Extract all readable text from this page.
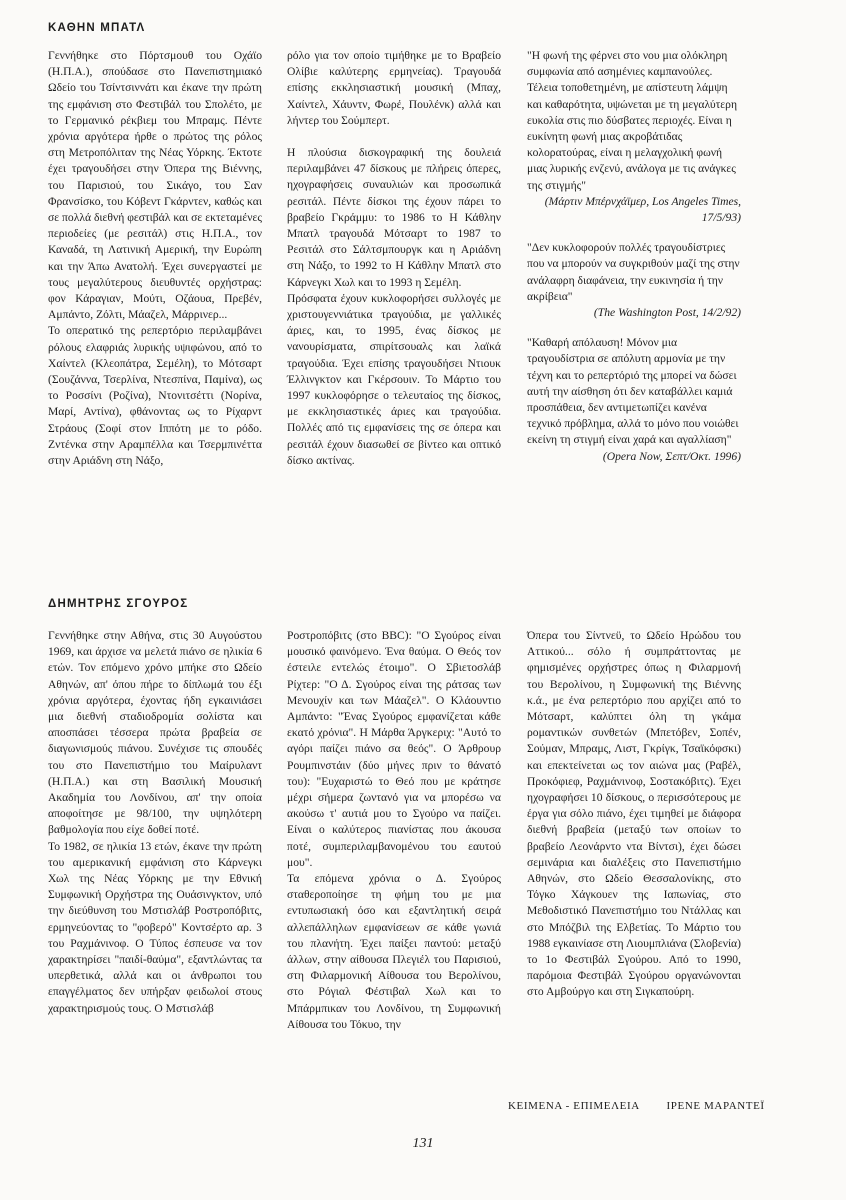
ΚΑΘΗΝ ΜΠΑΤΛ

Γεννήθηκε στο Πόρτσμουθ του Οχάϊο (Η.Π.Α.), σπούδασε στο Πανεπιστημιακό Ωδείο του Τσίντσιννάτι και έκανε την πρώτη της εμφάνιση στο Φεστιβάλ του Σπολέτο, με το Γερμανικό ρέκβιεμ του Μπραμς. Πέντε χρόνια αργότερα ήρθε ο πρώτος της ρόλος στη Μετροπόλιταν της Νέας Υόρκης. Έκτοτε έχει τραγουδήσει στην Όπερα της Βιέννης, του Παρισιού, του Σικάγο, του Σαν Φρανσίσκο, του Κόβεντ Γκάρντεν, καθώς και σε πολλά διεθνή φεστιβάλ και σε εκτεταμένες περιοδείες (με ρεσιτάλ) στις Η.Π.Α., τον Καναδά, τη Λατινική Αμερική, την Ευρώπη και την Άπω Ανατολή. Έχει συνεργαστεί με τους μεγαλύτερους διευθυντές ορχήστρας: φον Κάραγιαν, Μούτι, Οζάουα, Πρεβέν, Αμπάντο, Ζόλτι, Μάαζελ, Μάρρινερ...

Το οπερατικό της ρεπερτόριο περιλαμβάνει ρόλους ελαφριάς λυρικής υψιφώνου, από το Χαίντελ (Κλεοπάτρα, Σεμέλη), το Μότσαρτ (Σουζάννα, Τσερλίνα, Ντεσπίνα, Παμίνα), ως το Ροσσίνι (Ροζίνα), Ντονιτσέττι (Νορίνα, Μαρί, Αντίνα), φθάνοντας ως το Ρίχαρντ Στράους (Σοφί στον Ιππότη με το ρόδο. Ζντένκα στην Αραμπέλλα και Τσερμπινέττα στην Αριάδνη στη Νάξο,

ρόλο για τον οποίο τιμήθηκε με το Βραβείο Ολίβιε καλύτερης ερμηνείας). Τραγουδά επίσης εκκλησιαστική μουσική (Μπαχ, Χαίντελ, Χάυντν, Φωρέ, Πουλένκ) αλλά και λήντερ του Σούμπερτ.

Η πλούσια δισκογραφική της δουλειά περιλαμβάνει 47 δίσκους με πλήρεις όπερες, ηχογραφήσεις συναυλιών και προσωπικά ρεσιτάλ. Πέντε δίσκοι της έχουν πάρει το βραβείο Γκράμμυ: το 1986 το Η Κάθλην Μπατλ τραγουδά Μότσαρτ το 1987 το Ρεσιτάλ στο Σάλτσμπουργκ και η Αριάδνη στη Νάξο, το 1992 το Η Κάθλην Μπατλ στο Κάρνεγκι Χωλ και το 1993 η Σεμέλη.

Πρόσφατα έχουν κυκλοφορήσει συλλογές με χριστουγεννιάτικα τραγούδια, με γαλλικές άριες, και, το 1995, ένας δίσκος με νανουρίσματα, σπιρίτσουαλς και λαϊκά τραγούδια. Έχει επίσης τραγουδήσει Ντιουκ Έλλινγκτον και Γκέρσουιν. Το Μάρτιο του 1997 κυκλοφόρησε ο τελευταίος της δίσκος, με εκκλησιαστικές άριες και τραγούδια. Πολλές από τις εμφανίσεις της σε όπερα και ρεσιτάλ έχουν διασωθεί σε βίντεο και οπτικό δίσκο ακτίνας.

"Η φωνή της φέρνει στο νου μια ολόκληρη συμφωνία από ασημένιες καμπανούλες. Τέλεια τοποθετημένη, με απίστευτη λάμψη και καθαρότητα, υψώνεται με τη μεγαλύτερη ευκολία στις πιο δύσβατες περιοχές. Είναι η ευκίνητη φωνή μιας ακροβάτιδας κολορατούρας, είναι η μελαγχολική φωνή μιας λυρικής ενζενύ, ανάλογα με τις ανάγκες της στιγμής"

(Μάρτιν Μπέρνχάϊμερ, Los Angeles Times, 17/5/93)

"Δεν κυκλοφορούν πολλές τραγουδίστριες που να μπορούν να συγκριθούν μαζί της στην ανάλαφρη διαφάνεια, την ευκινησία ή την ακρίβεια"

(The Washington Post, 14/2/92)

"Καθαρή απόλαυση! Μόνον μια τραγουδίστρια σε απόλυτη αρμονία με την τέχνη και το ρεπερτόριό της μπορεί να δώσει αυτή την αίσθηση ότι δεν καταβάλλει καμιά προσπάθεια, δεν αντιμετωπίζει κανένα τεχνικό πρόβλημα, αλλά το μόνο που νοιώθει εκείνη τη στιγμή είναι χαρά και αγαλλίαση"

(Opera Now, Σεπτ/Οκτ. 1996)

ΔΗΜΗΤΡΗΣ ΣΓΟΥΡΟΣ

Γεννήθηκε στην Αθήνα, στις 30 Αυγούστου 1969, και άρχισε να μελετά πιάνο σε ηλικία 6 ετών. Τον επόμενο χρόνο μπήκε στο Ωδείο Αθηνών, απ' όπου πήρε το δίπλωμά του έξι χρόνια αργότερα, έχοντας ήδη εγκαινιάσει μια διεθνή σταδιοδρομία σολίστα και αποσπάσει τέσσερα πρώτα βραβεία σε διαγωνισμούς πιάνου. Συνέχισε τις σπουδές του στο Πανεπιστήμιο του Μαίρυλαντ (Η.Π.Α.) και στη Βασιλική Μουσική Ακαδημία του Λονδίνου, απ' την οποία αποφοίτησε με 98/100, την υψηλότερη βαθμολογία που είχε δοθεί ποτέ.

Το 1982, σε ηλικία 13 ετών, έκανε την πρώτη του αμερικανική εμφάνιση στο Κάρνεγκι Χωλ της Νέας Υόρκης με την Εθνική Συμφωνική Ορχήστρα της Ουάσινγκτον, υπό την διεύθυνση του Μστισλάβ Ροστροπόβιτς, ερμηνεύοντας το "φοβερό" Κοντσέρτο αρ. 3 του Ραχμάνινοφ. Ο Τύπος έσπευσε να τον χαρακτηρίσει "παιδί-θαύμα", εξαντλώντας τα υπερθετικά, αλλά και οι άνθρωποι του επαγγέλματος δεν υπήρξαν φειδωλοί στους χαρακτηρισμούς τους. Ο Μστισλάβ

Ροστροπόβιτς (στο BBC): "Ο Σγούρος είναι μουσικό φαινόμενο. Ένα θαύμα. Ο Θεός τον έστειλε εντελώς έτοιμο". Ο Σβιετοσλάβ Ρίχτερ: "Ο Δ. Σγούρος είναι της ράτσας των Μενουχίν και των Μάαζελ". Ο Κλάουντιο Αμπάντο: "Ένας Σγούρος εμφανίζεται κάθε εκατό χρόνια". Η Μάρθα Άργκεριχ: "Αυτό το αγόρι παίζει πιάνο σα θεός". Ο Άρθρουρ Ρουμπινστάιν (δύο μήνες πριν το θάνατό του): "Ευχαριστώ το Θεό που με κράτησε μέχρι σήμερα ζωντανό για να μπορέσω να ακούσω τ' αυτιά μου το Σγούρο να παίζει. Είναι ο καλύτερος πιανίστας που άκουσα ποτέ, συμπεριλαμβανομένου του εαυτού μου".

Τα επόμενα χρόνια ο Δ. Σγούρος σταθεροποίησε τη φήμη του με μια εντυπωσιακή όσο και εξαντλητική σειρά αλλεπάλληλων εμφανίσεων σε κάθε γωνιά του πλανήτη. Έχει παίξει παντού: μεταξύ άλλων, στην αίθουσα Πλεγιέλ του Παρισιού, στη Φιλαρμονική Αίθουσα του Βερολίνου, στο Ρόγιαλ Φέστιβαλ Χωλ και το Μπάρμπικαν του Λονδίνου, τη Συμφωνική Αίθουσα του Τόκυο, την

Όπερα του Σίντνεϋ, το Ωδείο Ηρώδου του Αττικού... σόλο ή συμπράττοντας με φημισμένες ορχήστρες όπως η Φιλαρμονή του Βερολίνου, η Συμφωνική της Βιέννης κ.ά., με ένα ρεπερτόριο που αρχίζει από το Μότσαρτ, καλύπτει όλη τη γκάμα ρομαντικών συνθετών (Μπετόβεν, Σοπέν, Σούμαν, Μπραμς, Λιστ, Γκρίγκ, Τσαϊκόφσκι) και επεκτείνεται ως τον αιώνα μας (Ραβέλ, Προκόφιεφ, Ραχμάνινοφ, Σοστακόβιτς). Έχει ηχογραφήσει 10 δίσκους, ο περισσότερους με έργα για σόλο πιάνο, έχει τιμηθεί με διάφορα διεθνή βραβεία (μεταξύ των οποίων το βραβείο Λεονάρντο ντα Βίντσι), έχει δώσει σεμινάρια και διαλέξεις στο Πανεπιστήμιο Αθηνών, στο Ωδείο Θεσσαλονίκης, στο Τόγκο Χάγκουεν της Ιαπωνίας, στο Μεθοδιστικό Πανεπιστήμιο του Ντάλλας και στο Μπόζβιλ της Ελβετίας. Το Μάρτιο του 1988 εγκαινίασε στη Λιουμπλιάνα (Σλοβενία) το 1ο Φεστιβάλ Σγούρου. Από το 1990, παρόμοια Φεστιβάλ Σγούρου οργανώνονται στο Αμβούργο και στη Σιγκαπούρη.

ΚΕΙΜΕΝΑ - ΕΠΙΜΕΛΕΙΑ ΙΡΕΝΕ ΜΑΡΑΝΤΕΪ
131
